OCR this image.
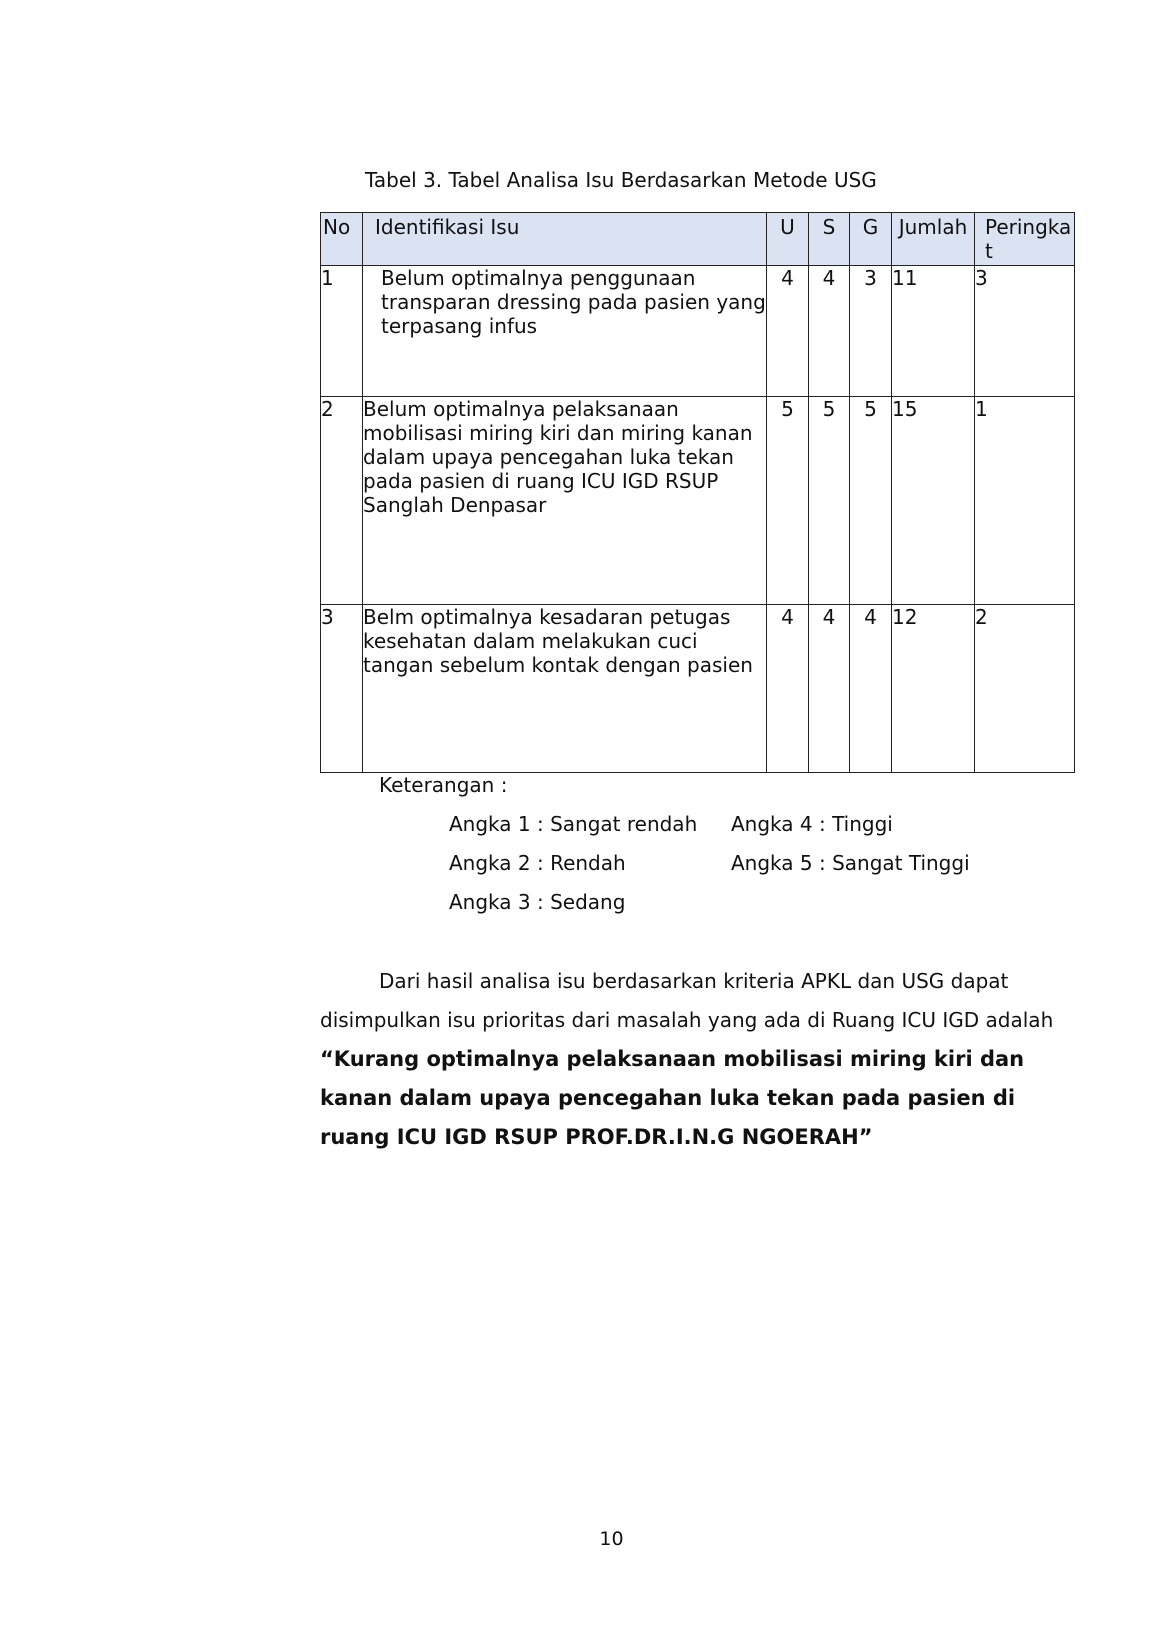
Tabel 3. Tabel Analisa Isu Berdasarkan Metode USG
No	Identifikasi Isu	U	S	G	Jumlah	Peringkat
1	Belum optimalnya penggunaan transparan dressing pada pasien yang terpasang infus	4	4	3	11	3
2	Belum optimalnya pelaksanaan mobilisasi miring kiri dan miring kanan dalam upaya pencegahan luka tekan pada pasien di ruang ICU IGD RSUP Sanglah Denpasar	5	5	5	15	1
3	Belm optimalnya kesadaran petugas kesehatan dalam melakukan cuci tangan sebelum kontak dengan pasien	4	4	4	12	2
Keterangan :
Angka 1 : Sangat rendah
Angka 2 : Rendah
Angka 3 : Sedang
Angka 4 : Tinggi
Angka 5 : Sangat Tinggi

Dari hasil analisa isu berdasarkan kriteria APKL dan USG dapat disimpulkan isu prioritas dari masalah yang ada di Ruang ICU IGD adalah

“Kurang optimalnya pelaksanaan mobilisasi miring kiri dan kanan dalam upaya pencegahan luka tekan pada pasien di ruang ICU IGD RSUP PROF.DR.I.N.G NGOERAH”

10
